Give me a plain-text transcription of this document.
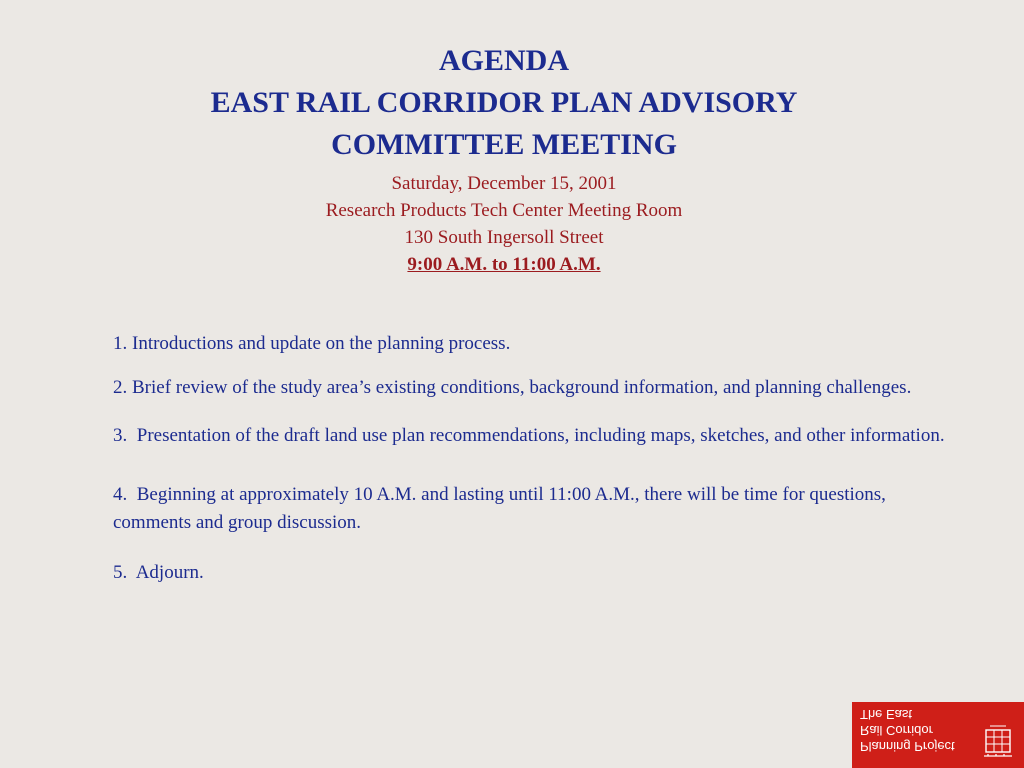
AGENDA
EAST RAIL CORRIDOR PLAN ADVISORY
COMMITTEE MEETING
Saturday, December 15, 2001
Research Products Tech Center Meeting Room
130 South Ingersoll Street
9:00 A.M. to 11:00 A.M.

1. Introductions and update on the planning process.

2. Brief review of the study area’s existing conditions, background information, and planning challenges.

3.  Presentation of the draft land use plan recommendations, including maps, sketches, and other information.

4.  Beginning at approximately 10 A.M. and lasting until 11:00 A.M., there will be time for questions, comments and group discussion.

5.  Adjourn.

Planning Project
Rail Corridor
The East
